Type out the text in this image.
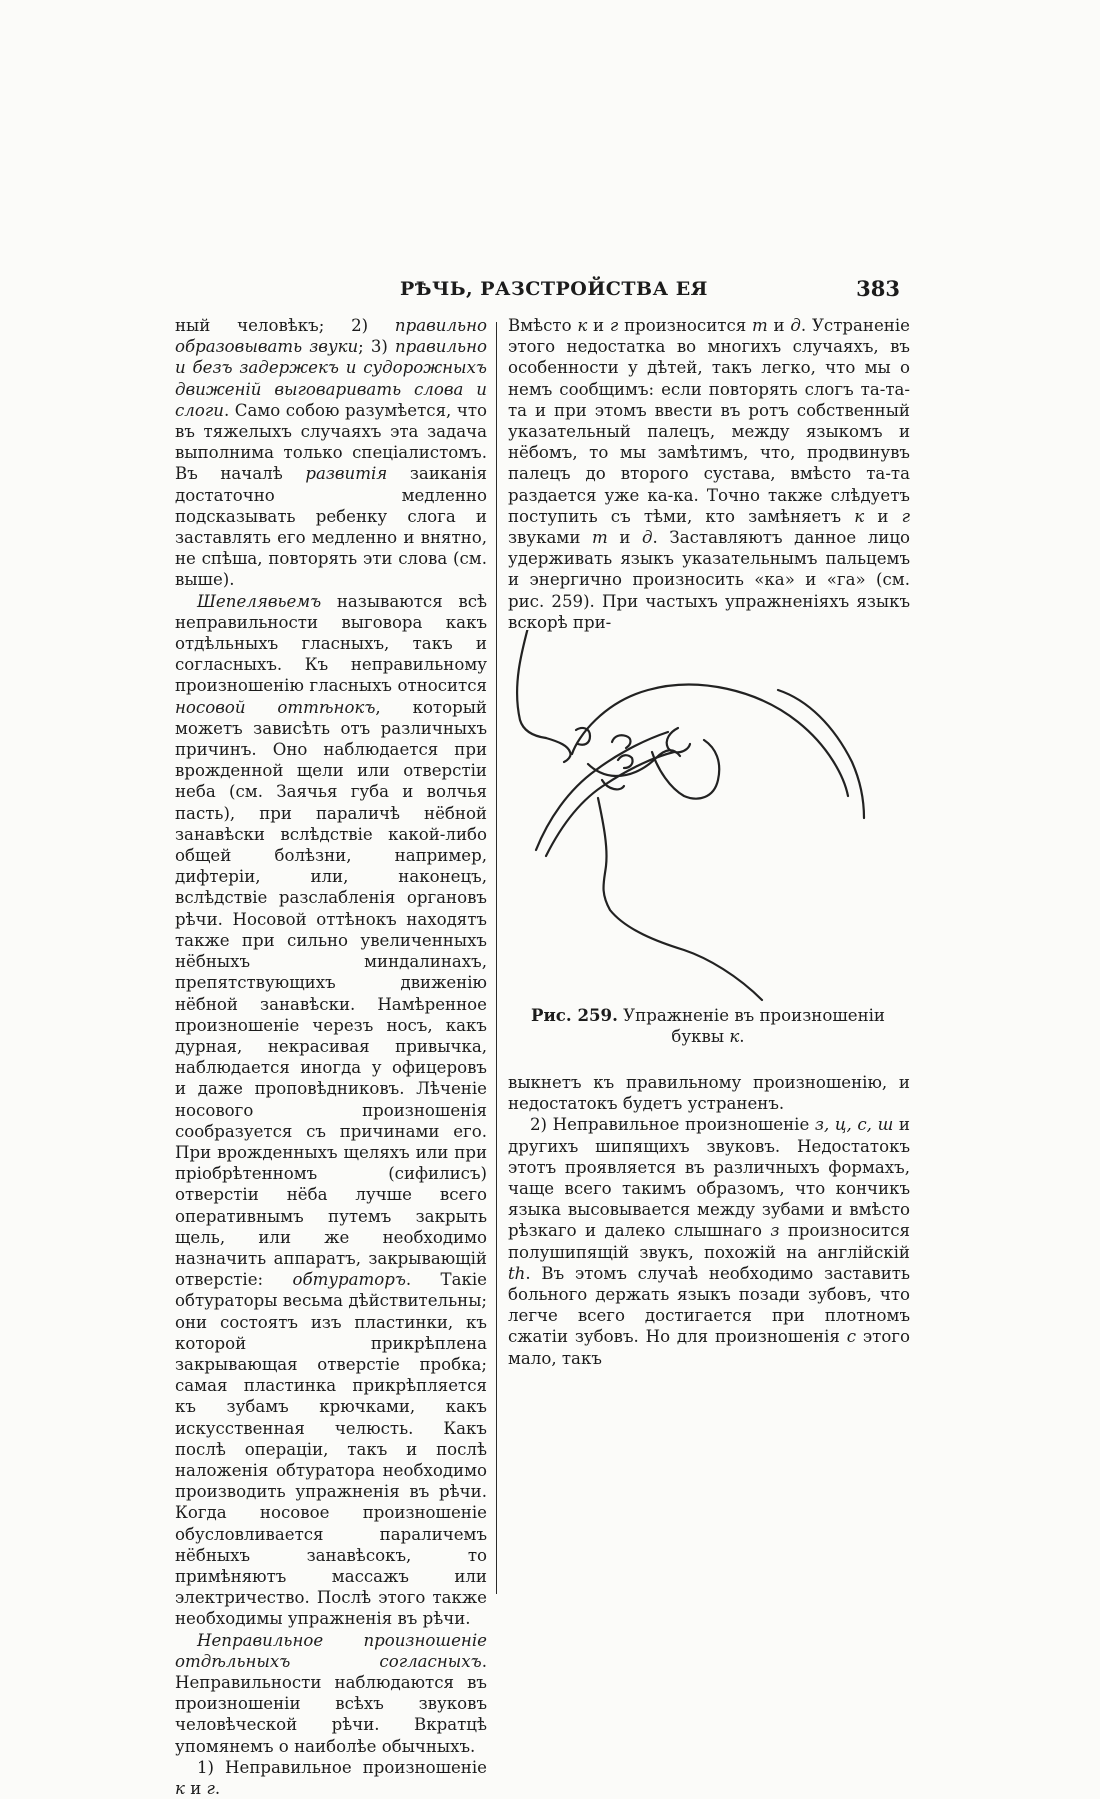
РѢЧЬ, РАЗСТРОЙСТВА ЕЯ	383

ный человѣкъ; 2) правильно образовывать звуки; 3) правильно и безъ задержекъ и судорожныхъ движеній выговаривать слова и слоги. Само собою разумѣется, что въ тяжелыхъ случаяхъ эта задача выполнима только спеціалистомъ. Въ началѣ развитія заиканія достаточно медленно подсказывать ребенку слога и заставлять его медленно и внятно, не спѣша, повторять эти слова (см. выше).

Шепелявьемъ называются всѣ неправильности выговора какъ отдѣльныхъ гласныхъ, такъ и согласныхъ. Къ неправильному произношенію гласныхъ относится носовой оттѣнокъ, который можетъ зависѣть отъ различныхъ причинъ. Оно наблюдается при врожденной щели или отверстіи неба (см. Заячья губа и волчья пасть), при параличѣ нёбной занавѣски вслѣдствіе какой-либо общей болѣзни, например, дифтеріи, или, наконецъ, вслѣдствіе разслабленія органовъ рѣчи. Носовой оттѣнокъ находятъ также при сильно увеличенныхъ нёбныхъ миндалинахъ, препятствующихъ движенію нёбной занавѣски. Намѣренное произношеніе черезъ носъ, какъ дурная, некрасивая привычка, наблюдается иногда у офицеровъ и даже проповѣдниковъ. Лѣченіе носового произношенія сообразуется съ причинами его. При врожденныхъ щеляхъ или при пріобрѣтенномъ (сифилисъ) отверстіи нёба лучше всего оперативнымъ путемъ закрыть щель, или же необходимо назначить аппаратъ, закрывающій отверстіе: обтураторъ. Такіе обтураторы весьма дѣйствительны; они состоятъ изъ пластинки, къ которой прикрѣплена закрывающая отверстіе пробка; самая пластинка прикрѣпляется къ зубамъ крючками, какъ искусственная челюсть. Какъ послѣ операціи, такъ и послѣ наложенія обтуратора необходимо производить упражненія въ рѣчи. Когда носовое произношеніе обусловливается параличемъ нёбныхъ занавѣсокъ, то примѣняютъ массажъ или электричество. Послѣ этого также необходимы упражненія въ рѣчи.

Неправильное произношеніе отдѣльныхъ согласныхъ. Неправильности наблюдаются въ произношеніи всѣхъ звуковъ человѣческой рѣчи. Вкратцѣ упомянемъ о наиболѣе обычныхъ.

1) Неправильное произношеніе к и г.

Вмѣсто к и г произносится т и д. Устраненіе этого недостатка во многихъ случаяхъ, въ особенности у дѣтей, такъ легко, что мы о немъ сообщимъ: если повторять слогъ та-та-та и при этомъ ввести въ ротъ собственный указательный палецъ, между языкомъ и нёбомъ, то мы замѣтимъ, что, продвинувъ палецъ до второго сустава, вмѣсто та-та раздается уже ка-ка. Точно также слѣдуетъ поступить съ тѣми, кто замѣняетъ к и г звуками т и д. Заставляютъ данное лицо удерживать языкъ указательнымъ пальцемъ и энергично произносить «ка» и «га» (см. рис. 259). При частыхъ упражненіяхъ языкъ вскорѣ при-

Рис. 259. Упражненіе въ произношеніи буквы к.

выкнетъ къ правильному произношенію, и недостатокъ будетъ устраненъ.

2) Неправильное произношеніе з, ц, с, ш и другихъ шипящихъ звуковъ. Недостатокъ этотъ проявляется въ различныхъ формахъ, чаще всего такимъ образомъ, что кончикъ языка высовывается между зубами и вмѣсто рѣзкаго и далеко слышнаго з произносится полушипящій звукъ, похожій на англійскій th. Въ этомъ случаѣ необходимо заставить больного держать языкъ позади зубовъ, что легче всего достигается при плотномъ сжатіи зубовъ. Но для произношенія с этого мало, такъ
